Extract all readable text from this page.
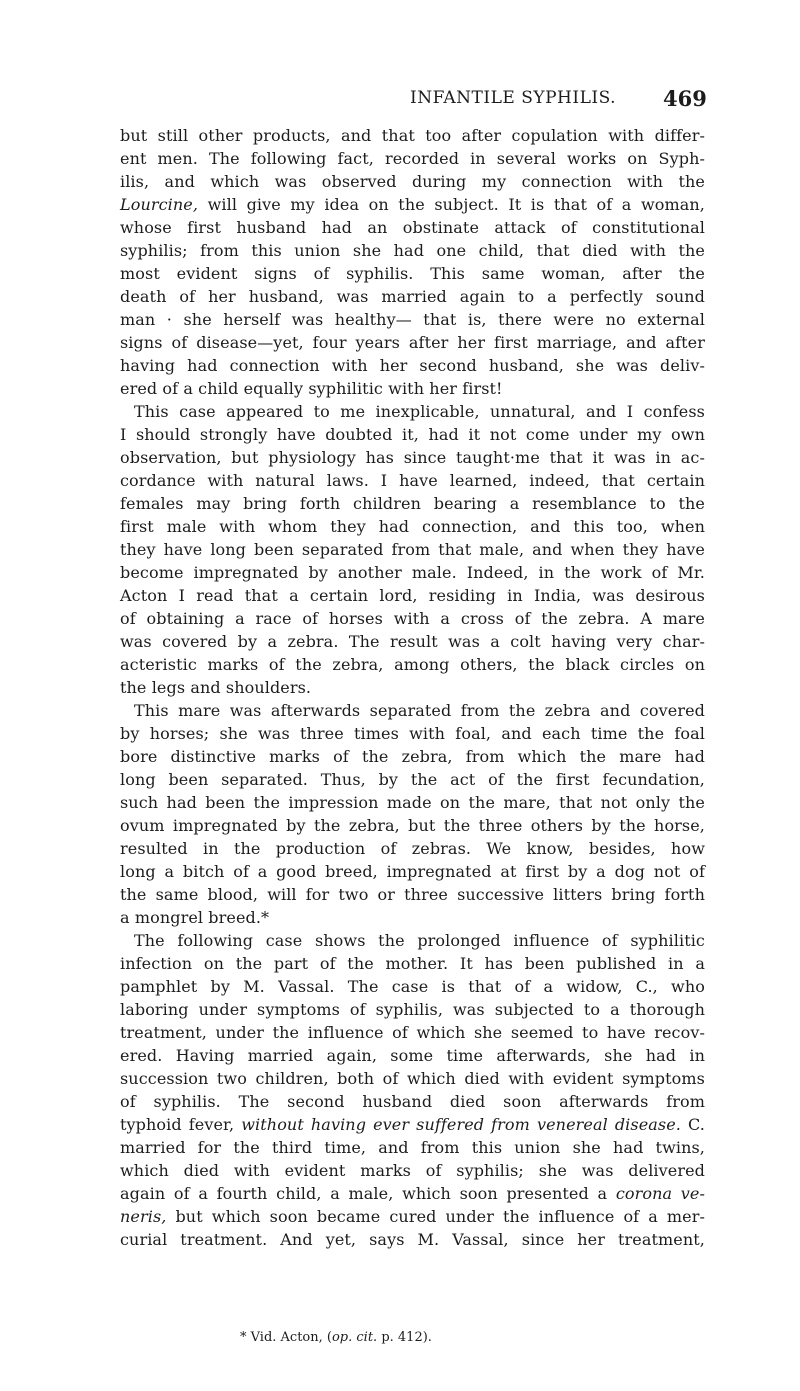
INFANTILE SYPHILIS. 469
but still other products, and that too after copulation with differ-
ent men. The following fact, recorded in several works on Syph-
ilis, and which was observed during my connection with the
Lourcine, will give my idea on the subject. It is that of a woman,
whose first husband had an obstinate attack of constitutional
syphilis; from this union she had one child, that died with the
most evident signs of syphilis. This same woman, after the
death of her husband, was married again to a perfectly sound
man · she herself was healthy— that is, there were no external
signs of disease—yet, four years after her first marriage, and after
having had connection with her second husband, she was deliv-
ered of a child equally syphilitic with her first!
This case appeared to me inexplicable, unnatural, and I confess
I should strongly have doubted it, had it not come under my own
observation, but physiology has since taught·me that it was in ac-
cordance with natural laws. I have learned, indeed, that certain
females may bring forth children bearing a resemblance to the
first male with whom they had connection, and this too, when
they have long been separated from that male, and when they have
become impregnated by another male. Indeed, in the work of Mr.
Acton I read that a certain lord, residing in India, was desirous
of obtaining a race of horses with a cross of the zebra. A mare
was covered by a zebra. The result was a colt having very char-
acteristic marks of the zebra, among others, the black circles on
the legs and shoulders.
This mare was afterwards separated from the zebra and covered
by horses; she was three times with foal, and each time the foal
bore distinctive marks of the zebra, from which the mare had
long been separated. Thus, by the act of the first fecundation,
such had been the impression made on the mare, that not only the
ovum impregnated by the zebra, but the three others by the horse,
resulted in the production of zebras. We know, besides, how
long a bitch of a good breed, impregnated at first by a dog not of
the same blood, will for two or three successive litters bring forth
a mongrel breed.*
The following case shows the prolonged influence of syphilitic
infection on the part of the mother. It has been published in a
pamphlet by M. Vassal. The case is that of a widow, C., who
laboring under symptoms of syphilis, was subjected to a thorough
treatment, under the influence of which she seemed to have recov-
ered. Having married again, some time afterwards, she had in
succession two children, both of which died with evident symptoms
of syphilis. The second husband died soon afterwards from
typhoid fever, without having ever suffered from venereal disease. C.
married for the third time, and from this union she had twins,
which died with evident marks of syphilis; she was delivered
again of a fourth child, a male, which soon presented a corona ve-
neris, but which soon became cured under the influence of a mer-
curial treatment. And yet, says M. Vassal, since her treatment,
* Vid. Acton, (op. cit. p. 412).
